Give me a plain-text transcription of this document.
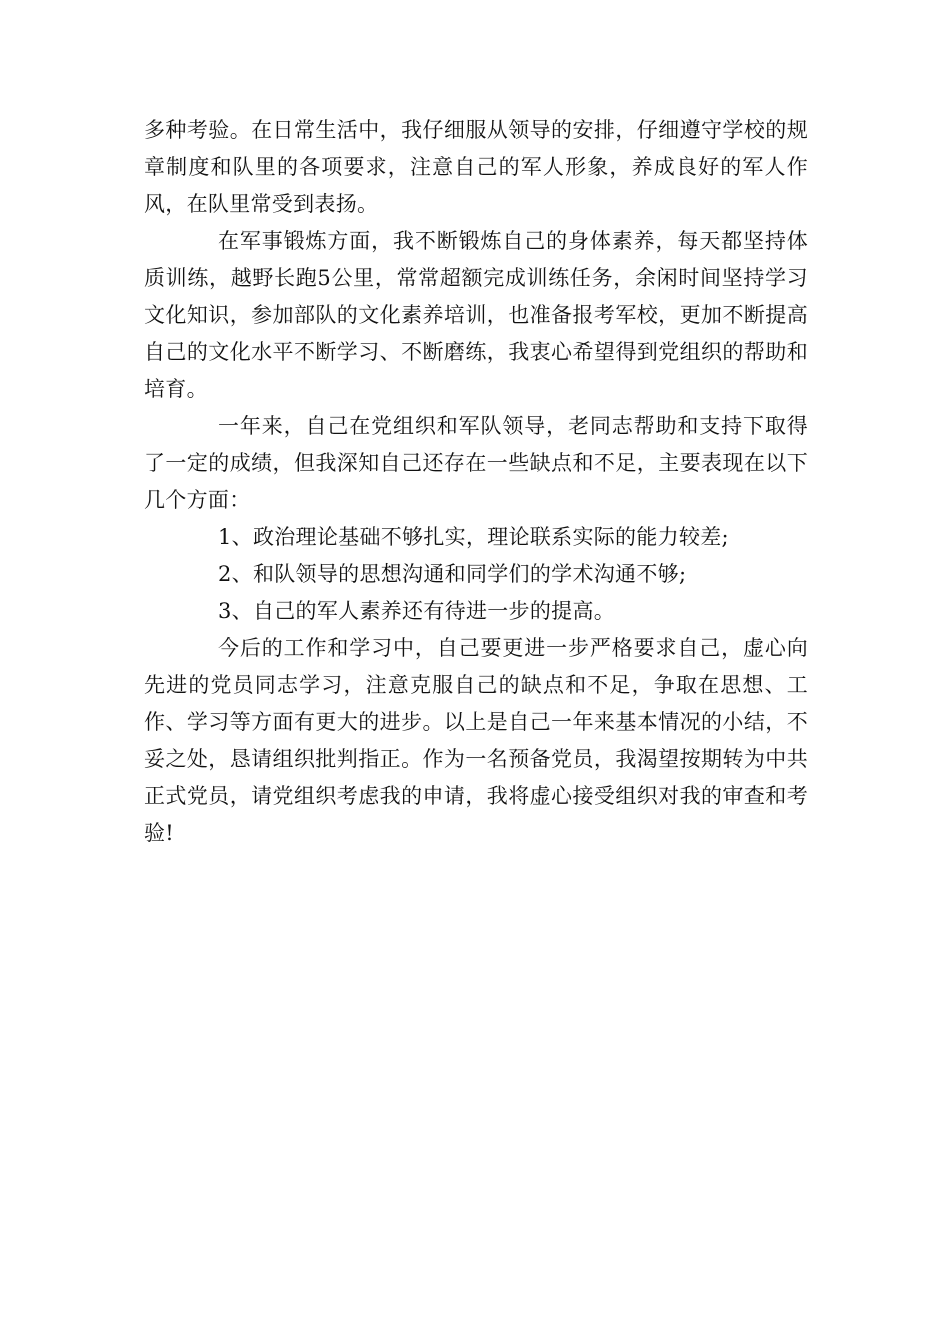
多种考验。在日常生活中，我仔细服从领导的安排，仔细遵守学校的规章制度和队里的各项要求，注意自己的军人形象，养成良好的军人作风，在队里常受到表扬。

在军事锻炼方面，我不断锻炼自己的身体素养，每天都坚持体质训练，越野长跑5公里，常常超额完成训练任务，余闲时间坚持学习文化知识，参加部队的文化素养培训，也准备报考军校，更加不断提高自己的文化水平不断学习、不断磨练，我衷心希望得到党组织的帮助和培育。

一年来，自己在党组织和军队领导，老同志帮助和支持下取得了一定的成绩，但我深知自己还存在一些缺点和不足，主要表现在以下几个方面：

1、政治理论基础不够扎实，理论联系实际的能力较差;

2、和队领导的思想沟通和同学们的学术沟通不够;

3、自己的军人素养还有待进一步的提高。

今后的工作和学习中，自己要更进一步严格要求自己，虚心向先进的党员同志学习，注意克服自己的缺点和不足，争取在思想、工作、学习等方面有更大的进步。以上是自己一年来基本情况的小结，不妥之处，恳请组织批判指正。作为一名预备党员，我渴望按期转为中共正式党员，请党组织考虑我的申请，我将虚心接受组织对我的审查和考验!
